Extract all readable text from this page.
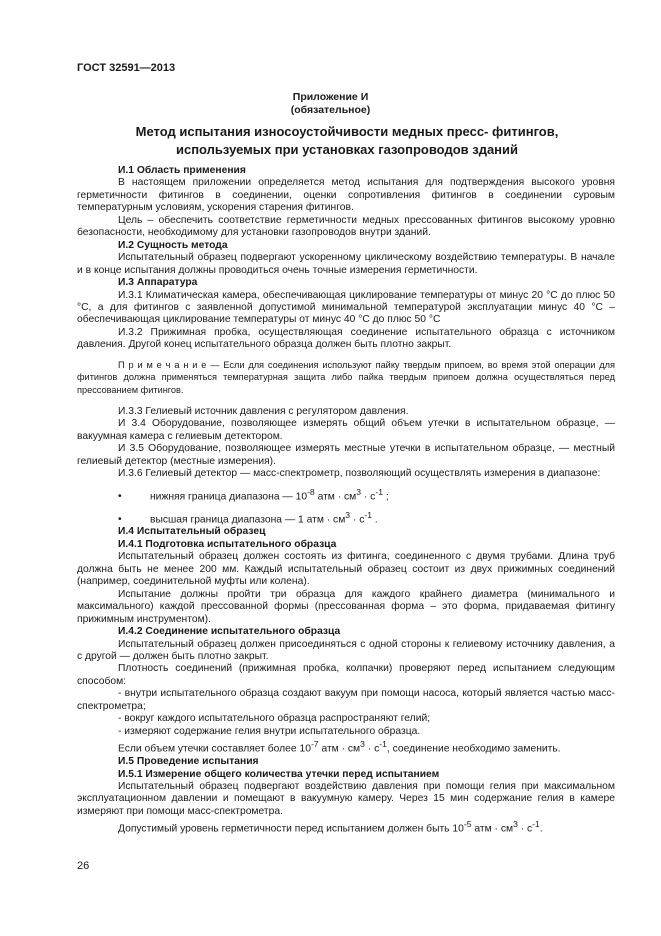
ГОСТ 32591—2013
Приложение И
(обязательное)
Метод испытания износоустойчивости медных пресс- фитингов,
используемых при установках газопроводов зданий

И.1 Область применения

В настоящем приложении определяется метод испытания для подтверждения высокого уровня герметичности фитингов в соединении, оценки сопротивления фитингов в соединении суровым температурным условиям, ускорения старения фитингов.

Цель – обеспечить соответствие герметичности медных прессованных фитингов высокому уровню безопасности, необходимому для установки газопроводов внутри зданий.

И.2 Сущность метода

Испытательный образец подвергают ускоренному циклическому воздействию температуры. В начале и в конце испытания должны проводиться очень точные измерения герметичности.

И.3 Аппаратура

И.3.1 Климатическая камера, обеспечивающая циклирование температуры от минус 20 °С до плюс 50 °С, а для фитингов с заявленной допустимой минимальной температурой эксплуатации минус 40 °С – обеспечивающая циклирование температуры от минус 40 °С до плюс 50 °С

И.3.2 Прижимная пробка, осуществляющая соединение испытательного образца с источником давления. Другой конец испытательного образца должен быть плотно закрыт.

П р и м е ч а н и е — Если для соединения используют пайку твердым припоем, во время этой операции для фитингов должна применяться температурная защита либо пайка твердым припоем должна осуществляться перед прессованием фитингов.

И.3.3 Гелиевый источник давления с регулятором давления.

И 3.4 Оборудование, позволяющее измерять общий объем утечки в испытательном образце, — вакуумная камера с гелиевым детектором.

И 3.5 Оборудование, позволяющее измерять местные утечки в испытательном образце, — местный гелиевый детектор (местные измерения).

И.3.6 Гелиевый детектор — масс-спектрометр, позволяющий осуществлять измерения в диапазоне:

•	нижняя граница диапазона — $10^{-8}$ атм · $см^3 \cdot с^{-1}$ ;

•	высшая граница диапазона — 1 атм · $см^3 \cdot с^{-1}$ .

И.4 Испытательный образец

И.4.1 Подготовка испытательного образца

Испытательный образец должен состоять из фитинга, соединенного с двумя трубами. Длина труб должна быть не менее 200 мм. Каждый испытательный образец состоит из двух прижимных соединений (например, соединительной муфты или колена).

Испытание должны пройти три образца для каждого крайнего диаметра (минимального и максимального) каждой прессованной формы (прессованная форма – это форма, придаваемая фитингу прижимным инструментом).

И.4.2 Соединение испытательного образца

Испытательный образец должен присоединяться с одной стороны к гелиевому источнику давления, а с другой — должен быть плотно закрыт.

Плотность соединений (прижимная пробка, колпачки) проверяют перед испытанием следующим способом:

- внутри испытательного образца создают вакуум при помощи насоса, который является частью масс-спектрометра;

- вокруг каждого испытательного образца распространяют гелий;

- измеряют содержание гелия внутри испытательного образца.

Если объем утечки составляет более $10^{-7}$ атм · $см^3 \cdot с^{-1}$, соединение необходимо заменить.

И.5 Проведение испытания

И.5.1 Измерение общего количества утечки перед испытанием

Испытательный образец подвергают воздействию давления при помощи гелия при максимальном эксплуатационном давлении и помещают в вакуумную камеру. Через 15 мин содержание гелия в камере измеряют при помощи масс-спектрометра.

Допустимый уровень герметичности перед испытанием должен быть $10^{-5}$ атм · $см^3 \cdot с^{-1}$.

26
